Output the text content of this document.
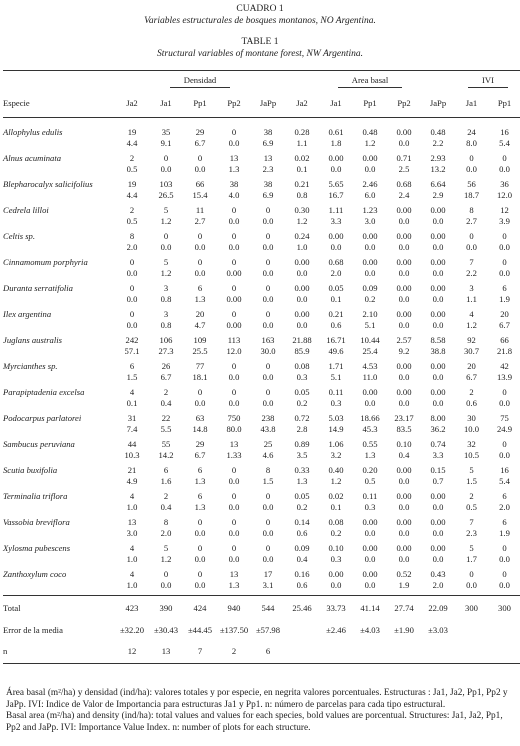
CUADRO 1
Variables estructurales de bosques montanos, NO Argentina.
TABLE 1
Structural variables of montane forest, NW Argentina.

	Densidad					Area basal					IVI	
Especie	Ja2	Ja1	Pp1	Pp2	JaPp	Ja2	Ja1	Pp1	Pp2	JaPp	Ja1	Pp1

Allophylus edulis	19	35	29	0	38	0.28	0.61	0.48	0.00	0.48	24	16
	4.4	9.1	6.7	0.0	6.9	1.1	1.8	1.2	0.0	2.2	8.0	5.4
Alnus acuminata	2	0	0	13	13	0.02	0.00	0.00	0.71	2.93	0	0
	0.5	0.0	0.0	1.3	2.3	0.1	0.0	0.0	2.5	13.2	0.0	0.0
Blepharocalyx salicifolius	19	103	66	38	38	0.21	5.65	2.46	0.68	6.64	56	36
	4.4	26.5	15.4	4.0	6.9	0.8	16.7	6.0	2.4	2.9	18.7	12.0
Cedrela lilloi	2	5	11	0	0	0.30	1.11	1.23	0.00	0.00	8	12
	0.5	1.2	2.7	0.0	0.0	1.2	3.3	3.0	0.0	0.0	2.7	3.9
Celtis sp.	8	0	0	0	0	0.24	0.00	0.00	0.00	0.00	0	0
	2.0	0.0	0.0	0.0	0.0	1.0	0.0	0.0	0.0	0.0	0.0	0.0
Cinnamomum porphyria	0	5	0	0	0	0.00	0.68	0.00	0.00	0.00	7	0
	0.0	1.2	0.0	0.00	0.0	0.0	2.0	0.0	0.0	0.0	2.2	0.0
Duranta serratifolia	0	3	6	0	0	0.00	0.05	0.09	0.00	0.00	3	6
	0.0	0.8	1.3	0.00	0.0	0.0	0.1	0.2	0.0	0.0	1.1	1.9
Ilex argentina	0	3	20	0	0	0.00	0.21	2.10	0.00	0.00	4	20
	0.0	0.8	4.7	0.00	0.0	0.0	0.6	5.1	0.0	0.0	1.2	6.7
Juglans australis	242	106	109	113	163	21.88	16.71	10.44	2.57	8.58	92	66
	57.1	27.3	25.5	12.0	30.0	85.9	49.6	25.4	9.2	38.8	30.7	21.8
Myrcianthes sp.	6	26	77	0	0	0.08	1.71	4.53	0.00	0.00	20	42
	1.5	6.7	18.1	0.0	0.0	0.3	5.1	11.0	0.0	0.0	6.7	13.9
Parapiptadenia excelsa	4	2	0	0	0	0.05	0.11	0.00	0.00	0.00	2	0
	0.1	0.4	0.0	0.0	0.0	0.2	0.3	0.0	0.0	0.0	0.6	0.0
Podocarpus parlatorei	31	22	63	750	238	0.72	5.03	18.66	23.17	8.00	30	75
	7.4	5.5	14.8	80.0	43.8	2.8	14.9	45.3	83.5	36.2	10.0	24.9
Sambucus peruviana	44	55	29	13	25	0.89	1.06	0.55	0.10	0.74	32	0
	10.3	14.2	6.7	1.33	4.6	3.5	3.2	1.3	0.4	3.3	10.5	0.0
Scutia buxifolia	21	6	6	0	8	0.33	0.40	0.20	0.00	0.15	5	16
	4.9	1.6	1.3	0.0	1.5	1.3	1.2	0.5	0.0	0.7	1.5	5.4
Terminalia triflora	4	2	6	0	0	0.05	0.02	0.11	0.00	0.00	2	6
	1.0	0.4	1.3	0.0	0.0	0.2	0.1	0.3	0.0	0.0	0.5	2.0
Vassobia breviflora	13	8	0	0	0	0.14	0.08	0.00	0.00	0.00	7	6
	3.0	2.0	0.0	0.0	0.0	0.6	0.2	0.0	0.0	0.0	2.3	1.9
Xylosma pubescens	4	5	0	0	0	0.09	0.10	0.00	0.00	0.00	5	0
	1.0	1.2	0.0	0.0	0.0	0.4	0.3	0.0	0.0	0.0	1.7	0.0
Zanthoxylum coco	4	0	0	13	17	0.16	0.00	0.00	0.52	0.43	0	0
	1.0	0.0	0.0	1.3	3.1	0.6	0.0	0.0	1.9	2.0	0.0	0.0

Total	423	390	424	940	544	25.46	33.73	41.14	27.74	22.09	300	300
Error de la media	±32.20	±30.43	±44.45	±137.50	±57.98		±2.46	±4.03	±1.90	±3.03		
n	12	13	7	2	6							

Área basal (m²/ha) y densidad (ind/ha): valores totales y por especie, en negrita valores porcentuales. Estructuras : Ja1, Ja2, Pp1, Pp2 y JaPp. IVI: Indice de Valor de Importancia para estructuras Ja1 y Pp1. n: número de parcelas para cada tipo estructural.
Basal area (m²/ha) and density (ind/ha): total values and values for each species, bold values are porcentual. Structures: Ja1, Ja2, Pp1, Pp2 and JaPp. IVI: Importance Value Index. n: number of plots for each structure.
